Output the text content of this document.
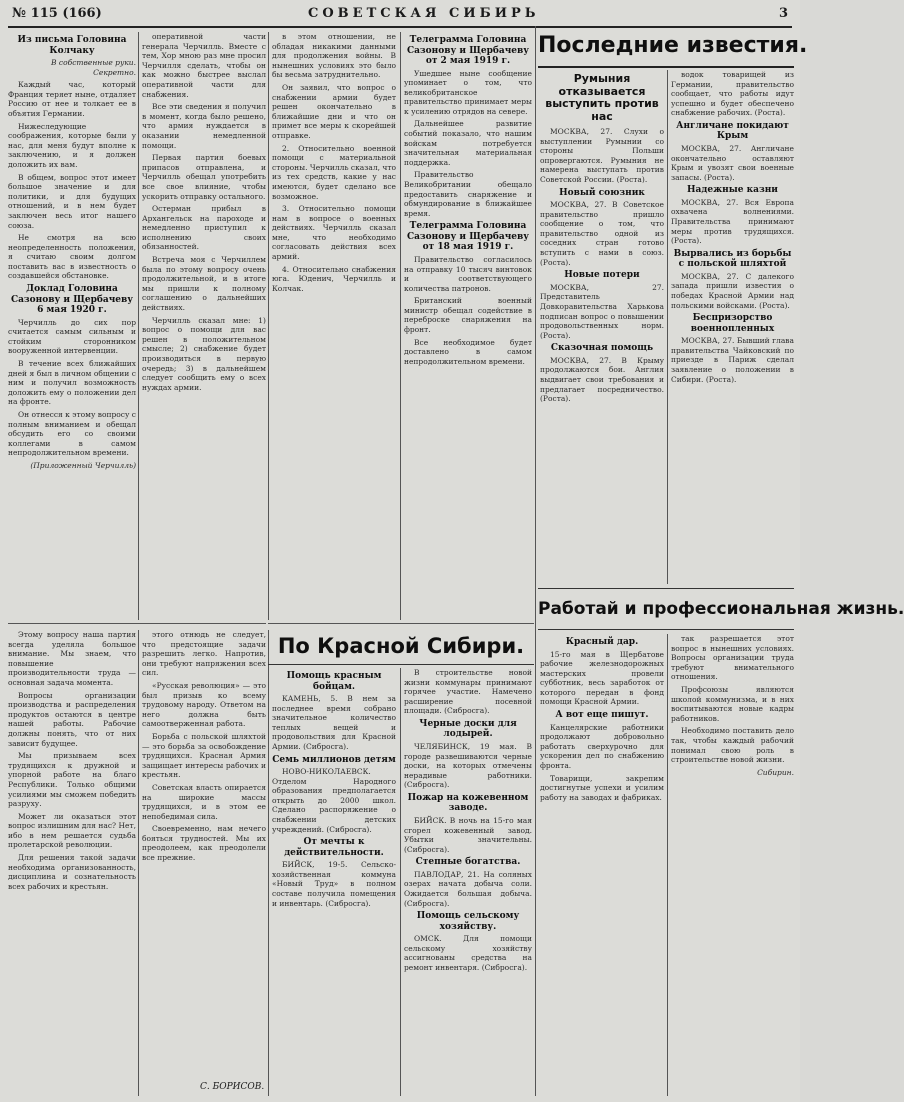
№ 115 (166)	СОВЕТСКАЯ СИБИРЬ	3
Из письма Головина Колчаку
В собственные руки. Секретно.

Каждый час, который Франция теряет ныне, отдаляет Россию от нее и толкает ее в объятия Германии.

Нижеследующие соображения, которые были у нас, для меня будут вполне к заключению, и я должен доложить их вам.

В общем, вопрос этот имеет большое значение и для политики, и для будущих отношений, и в нем будет заключен весь итог нашего союза.

Не смотря на всю неопределенность положения, я считаю своим долгом поставить вас в известность о создавшейся обстановке.

Доклад Головина Сазонову и Щербачеву 6 мая 1920 г.

Черчилль до сих пор считается самым сильным и стойким сторонником вооруженной интервенции.

В течение всех ближайших дней я был в личном общении с ним и получил возможность доложить ему о положении дел на фронте.

Он отнесся к этому вопросу с полным вниманием и обещал обсудить его со своими коллегами в самом непродолжительном времени.

(Приложенный Черчилль)

оперативной части генерала Черчилль. Вместе с тем, Хор мною раз мне просил Черчилля сделать, чтобы он как можно быстрее выслал оперативной части для снабжения.

Все эти сведения я получил в момент, когда было решено, что армия нуждается в оказании немедленной помощи.

Первая партия боевых припасов отправлена, и Черчилль обещал употребить все свое влияние, чтобы ускорить отправку остального.

Остерман прибыл в Архангельск на пароходе и немедленно приступил к исполнению своих обязанностей.

Встреча моя с Черчиллем была по этому вопросу очень продолжительной, и в итоге мы пришли к полному соглашению о дальнейших действиях.

Черчилль сказал мне: 1) вопрос о помощи для вас решен в положительном смысле; 2) снабжение будет производиться в первую очередь; 3) в дальнейшем следует сообщить ему о всех нуждах армии.

в этом отношении, не обладая никакими данными для продолжения войны. В нынешних условиях это было бы весьма затруднительно.

Он заявил, что вопрос о снабжении армии будет решен окончательно в ближайшие дни и что он примет все меры к скорейшей отправке.

2. Относительно военной помощи с материальной стороны. Черчилль сказал, что из тех средств, какие у нас имеются, будет сделано все возможное.

3. Относительно помощи нам в вопросе о военных действиях. Черчилль сказал мне, что необходимо согласовать действия всех армий.

4. Относительно снабжения юга. Юденич, Черчилль и Колчак.

Телеграмма Головина Сазонову и Щербачеву от 2 мая 1919 г.

Ушедшее ныне сообщение упоминает о том, что великобританское правительство принимает меры к усилению отрядов на севере.

Дальнейшее развитие событий показало, что нашим войскам потребуется значительная материальная поддержка.

Правительство Великобритании обещало предоставить снаряжение и обмундирование в ближайшее время.

Телеграмма Головина Сазонову и Щербачеву от 18 мая 1919 г.

Правительство согласилось на отправку 10 тысяч винтовок и соответствующего количества патронов.

Британский военный министр обещал содействие в переброске снаряжения на фронт.

Все необходимое будет доставлено в самом непродолжительном времени.

Последние известия.
Румыния отказывается выступить против нас

МОСКВА, 27. Слухи о выступлении Румынии со стороны Польши опровергаются. Румыния не намерена выступать против Советской России. (Роста).

Новый союзник

МОСКВА, 27. В Советское правительство пришло сообщение о том, что правительство одной из соседних стран готово вступить с нами в союз. (Роста).

Новые потери

МОСКВА, 27. Представитель Довкоравительства Харькова подписан вопрос о повышении продовольственных норм. (Роста).

Сказочная помощь

МОСКВА, 27. В Крыму продолжаются бои. Англия выдвигает свои требования и предлагает посредничество. (Роста).

водок товарищей из Германии, правительство сообщает, что работы идут успешно и будет обеспечено снабжение рабочих. (Роста).

Англичане покидают Крым

МОСКВА, 27. Англичане окончательно оставляют Крым и увозят свои военные запасы. (Роста).

Надежные казни

МОСКВА, 27. Вся Европа охвачена волнениями. Правительства принимают меры против трудящихся. (Роста).

Вырвались из борьбы с польской шляхтой

МОСКВА, 27. С далекого запада пришли известия о победах Красной Армии над польскими войсками. (Роста).

Беспризорство военнопленных

МОСКВА, 27. Бывший глава правительства Чайковский по приезде в Париж сделал заявление о положении в Сибири. (Роста).

Этому вопросу наша партия всегда уделяла большое внимание. Мы знаем, что повышение производительности труда — основная задача момента.

Вопросы организации производства и распределения продуктов остаются в центре нашей работы. Рабочие должны понять, что от них зависит будущее.

Мы призываем всех трудящихся к дружной и упорной работе на благо Республики. Только общими усилиями мы сможем победить разруху.

Может ли оказаться этот вопрос излишним для нас? Нет, ибо в нем решается судьба пролетарской революции.

Для решения такой задачи необходима организованность, дисциплина и сознательность всех рабочих и крестьян.

этого отнюдь не следует, что предстоящие задачи разрешить легко. Напротив, они требуют напряжения всех сил.

«Русская революция» — это был призыв ко всему трудовому народу. Ответом на него должна быть самоотверженная работа.

Борьба с польской шляхтой — это борьба за освобождение трудящихся. Красная Армия защищает интересы рабочих и крестьян.

Советская власть опирается на широкие массы трудящихся, и в этом ее непобедимая сила.

Своевременно, нам нечего бояться трудностей. Мы их преодолеем, как преодолели все прежние.

С. БОРИСОВ.
По Красной Сибири.
Помощь красным бойцам.

КАМЕНЬ, 5. В нем за последнее время собрано значительное количество теплых вещей и продовольствия для Красной Армии. (Сибросга).

Семь миллионов детям

НОВО-НИКОЛАЕВСК. Отделом Народного образования предполагается открыть до 2000 школ. Сделано распоряжение о снабжении детских учреждений. (Сибросга).

От мечты к действительности.

БИЙСК, 19-5. Сельско-хозяйственная коммуна «Новый Труд» в полном составе получила помещения и инвентарь. (Сибросга).

В строительстве новой жизни коммунары принимают горячее участие. Намечено расширение посевной площади. (Сибросга).

Черные доски для лодырей.

ЧЕЛЯБИНСК, 19 мая. В городе развешиваются черные доски, на которых отмечены нерадивые работники. (Сибросга).

Пожар на кожевенном заводе.

БИЙСК. В ночь на 15-го мая сгорел кожевенный завод. Убытки значительны. (Сибросга).

Степные богатства.

ПАВЛОДАР, 21. На соляных озерах начата добыча соли. Ожидается большая добыча. (Сибросга).

Помощь сельскому хозяйству.

ОМСК. Для помощи сельскому хозяйству ассигнованы средства на ремонт инвентаря. (Сибросга).

Работай и профессиональная жизнь.
Красный дар.

15-го мая в Щербатове рабочие железнодорожных мастерских провели субботник, весь заработок от которого передан в фонд помощи Красной Армии.

А вот еще пишут.

Канцелярские работники продолжают добровольно работать сверхурочно для ускорения дел по снабжению фронта.

Товарищи, закрепим достигнутые успехи и усилим работу на заводах и фабриках.

так разрешается этот вопрос в нынешних условиях. Вопросы организации труда требуют внимательного отношения.

Профсоюзы являются школой коммунизма, и в них воспитываются новые кадры работников.

Необходимо поставить дело так, чтобы каждый рабочий понимал свою роль в строительстве новой жизни.

Сибирин.
